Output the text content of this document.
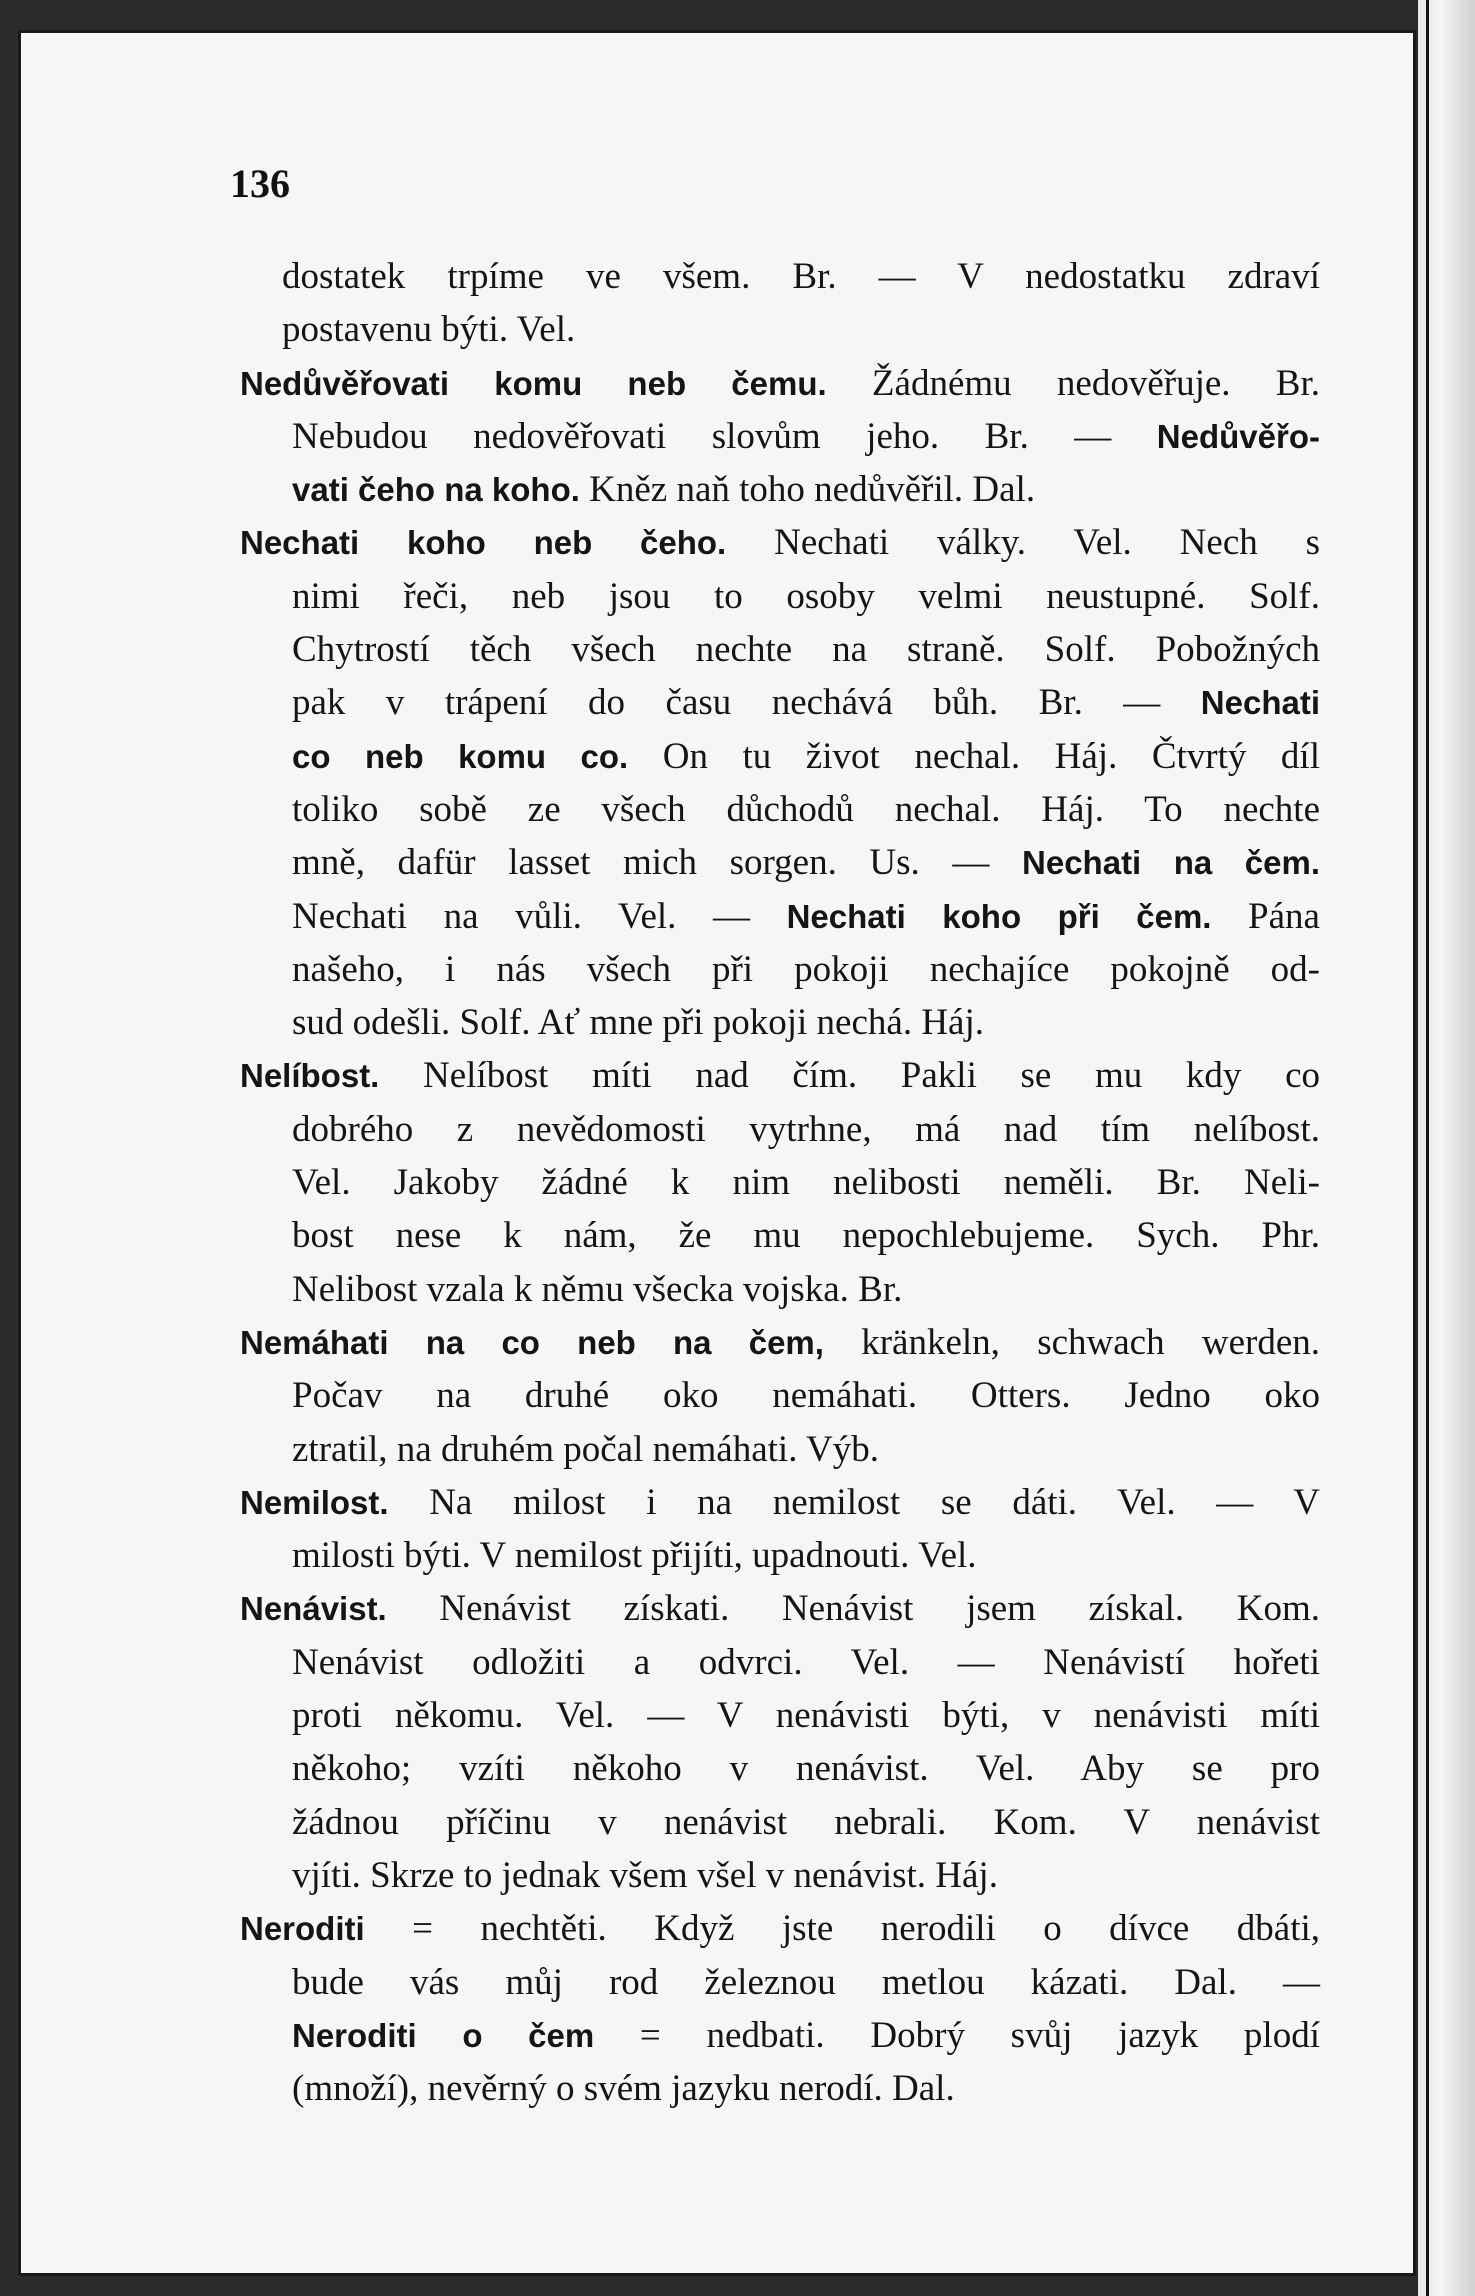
136

dostatek trpíme ve všem. Br. — V nedostatku zdraví
postavenu býti. Vel.
Nedůvěřovati komu neb čemu. Žádnému nedověřuje. Br.
Nebudou nedověřovati slovům jeho. Br. — Nedůvěřo-
vati čeho na koho. Kněz naň toho nedůvěřil. Dal.
Nechati koho neb čeho. Nechati války. Vel. Nech s
nimi řeči, neb jsou to osoby velmi neustupné. Solf.
Chytrostí těch všech nechte na straně. Solf. Pobožných
pak v trápení do času nechává bůh. Br. — Nechati
co neb komu co. On tu život nechal. Háj. Čtvrtý díl
toliko sobě ze všech důchodů nechal. Háj. To nechte
mně, dafür lasset mich sorgen. Us. — Nechati na čem.
Nechati na vůli. Vel. — Nechati koho při čem. Pána
našeho, i nás všech při pokoji nechajíce pokojně od-
sud odešli. Solf. Ať mne při pokoji nechá. Háj.
Nelíbost. Nelíbost míti nad čím. Pakli se mu kdy co
dobrého z nevědomosti vytrhne, má nad tím nelíbost.
Vel. Jakoby žádné k nim nelibosti neměli. Br. Neli-
bost nese k nám, že mu nepochlebujeme. Sych. Phr.
Nelibost vzala k němu všecka vojska. Br.
Nemáhati na co neb na čem, kränkeln, schwach werden.
Počav na druhé oko nemáhati. Otters. Jedno oko
ztratil, na druhém počal nemáhati. Výb.
Nemilost. Na milost i na nemilost se dáti. Vel. — V
milosti býti. V nemilost přijíti, upadnouti. Vel.
Nenávist. Nenávist získati. Nenávist jsem získal. Kom.
Nenávist odložiti a odvrci. Vel. — Nenávistí hořeti
proti někomu. Vel. — V nenávisti býti, v nenávisti míti
někoho; vzíti někoho v nenávist. Vel. Aby se pro
žádnou příčinu v nenávist nebrali. Kom. V nenávist
vjíti. Skrze to jednak všem všel v nenávist. Háj.
Neroditi = nechtěti. Když jste nerodili o dívce dbáti,
bude vás můj rod železnou metlou kázati. Dal. —
Neroditi o čem = nedbati. Dobrý svůj jazyk plodí
(množí), nevěrný o svém jazyku nerodí. Dal.
